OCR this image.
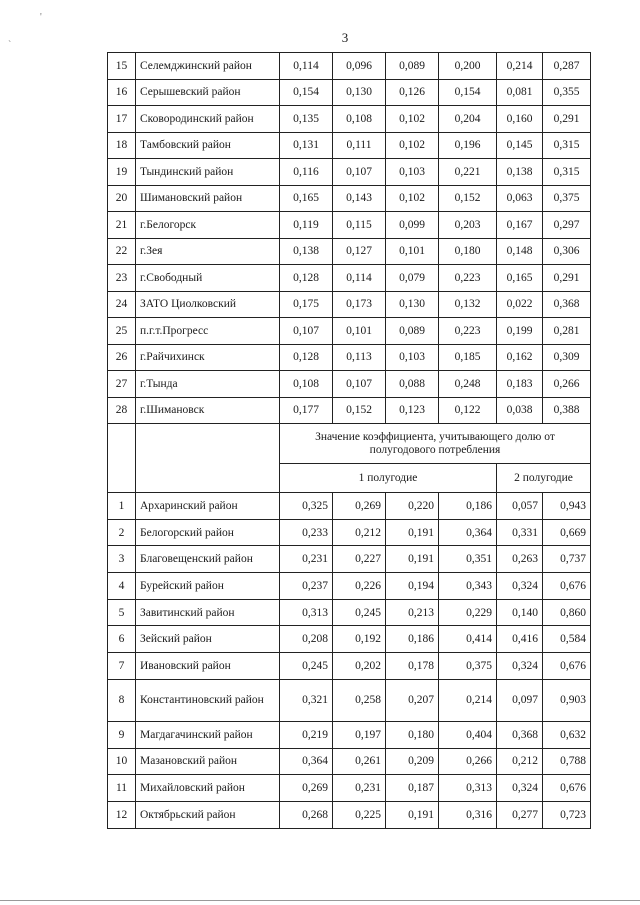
3
'
`
15	Селемджинский район	0,114	0,096	0,089	0,200	0,214	0,287
16	Серышевский район	0,154	0,130	0,126	0,154	0,081	0,355
17	Сковородинский район	0,135	0,108	0,102	0,204	0,160	0,291
18	Тамбовский район	0,131	0,111	0,102	0,196	0,145	0,315
19	Тындинский район	0,116	0,107	0,103	0,221	0,138	0,315
20	Шимановский район	0,165	0,143	0,102	0,152	0,063	0,375
21	г.Белогорск	0,119	0,115	0,099	0,203	0,167	0,297
22	г.Зея	0,138	0,127	0,101	0,180	0,148	0,306
23	г.Свободный	0,128	0,114	0,079	0,223	0,165	0,291
24	ЗАТО Циолковский	0,175	0,173	0,130	0,132	0,022	0,368
25	п.г.т.Прогресс	0,107	0,101	0,089	0,223	0,199	0,281
26	г.Райчихинск	0,128	0,113	0,103	0,185	0,162	0,309
27	г.Тында	0,108	0,107	0,088	0,248	0,183	0,266
28	г.Шимановск	0,177	0,152	0,123	0,122	0,038	0,388
		Значение коэффициента, учитывающего долю от полугодового потребления					
		1 полугодие				2 полугодие	
1	Архаринский район	0,325	0,269	0,220	0,186	0,057	0,943
2	Белогорский район	0,233	0,212	0,191	0,364	0,331	0,669
3	Благовещенский район	0,231	0,227	0,191	0,351	0,263	0,737
4	Бурейский район	0,237	0,226	0,194	0,343	0,324	0,676
5	Завитинский район	0,313	0,245	0,213	0,229	0,140	0,860
6	Зейский район	0,208	0,192	0,186	0,414	0,416	0,584
7	Ивановский район	0,245	0,202	0,178	0,375	0,324	0,676
8	Константиновский район	0,321	0,258	0,207	0,214	0,097	0,903
9	Магдагачинский район	0,219	0,197	0,180	0,404	0,368	0,632
10	Мазановский район	0,364	0,261	0,209	0,266	0,212	0,788
11	Михайловский район	0,269	0,231	0,187	0,313	0,324	0,676
12	Октябрьский район	0,268	0,225	0,191	0,316	0,277	0,723
